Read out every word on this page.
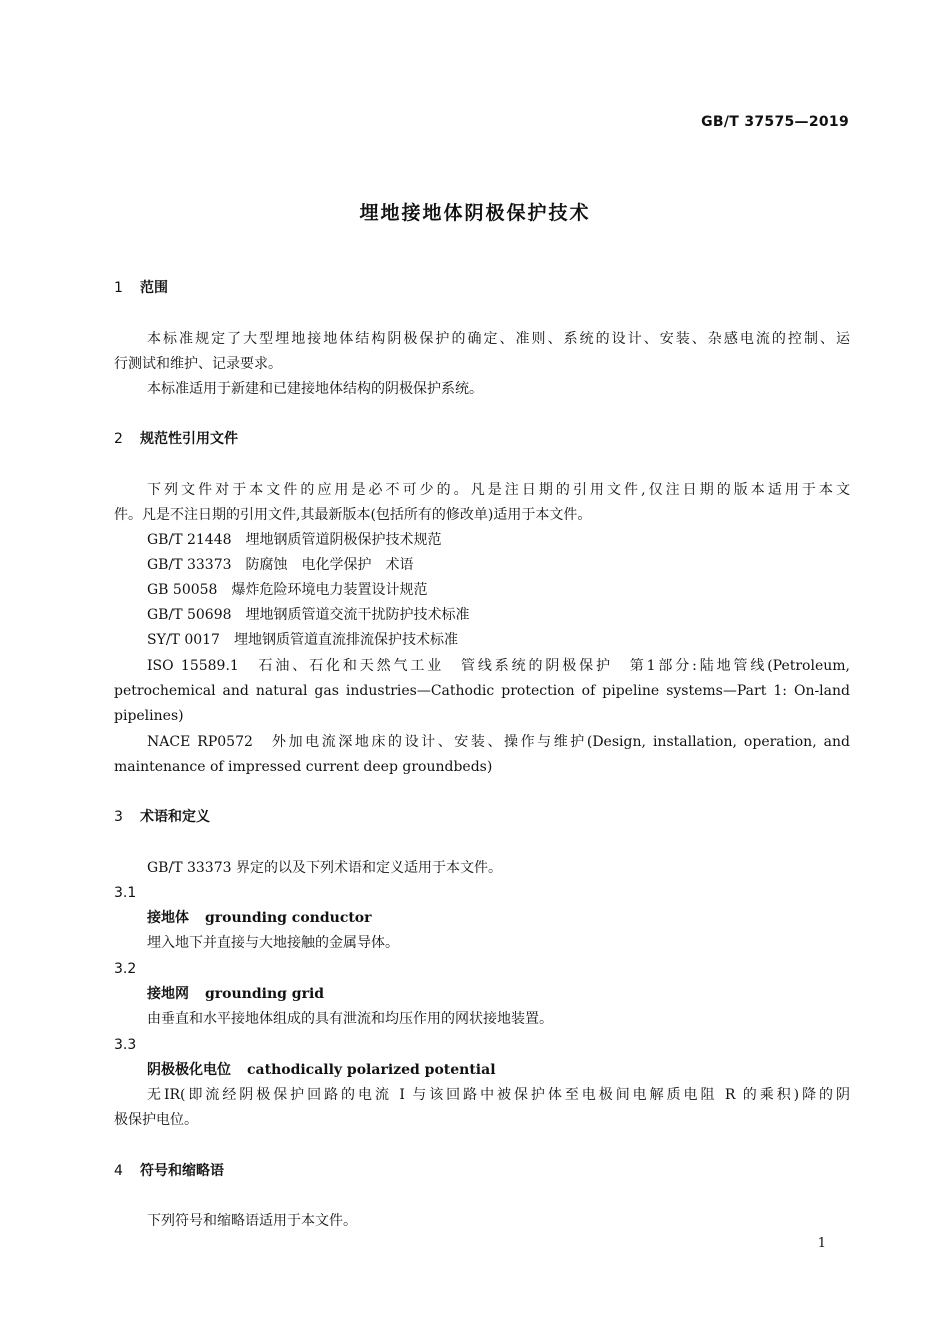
GB/T 37575—2019
埋地接地体阴极保护技术
1 范围
本标准规定了大型埋地接地体结构阴极保护的确定、准则、系统的设计、安装、杂感电流的控制、运
行测试和维护、记录要求。
本标准适用于新建和已建接地体结构的阴极保护系统。
2 规范性引用文件
下列文件对于本文件的应用是必不可少的。凡是注日期的引用文件,仅注日期的版本适用于本文
件。凡是不注日期的引用文件,其最新版本(包括所有的修改单)适用于本文件。
GB/T 21448 埋地钢质管道阴极保护技术规范
GB/T 33373 防腐蚀　电化学保护　术语
GB 50058 爆炸危险环境电力装置设计规范
GB/T 50698 埋地钢质管道交流干扰防护技术标准
SY/T 0017 埋地钢质管道直流排流保护技术标准
ISO 15589.1　石油、石化和天然气工业　管线系统的阴极保护　第1部分:陆地管线(Petroleum,
petrochemical and natural gas industries—Cathodic protection of pipeline systems—Part 1: On-land
pipelines)
NACE RP0572　外加电流深地床的设计、安装、操作与维护(Design, installation, operation, and
maintenance of impressed current deep groundbeds)
3 术语和定义
GB/T 33373 界定的以及下列术语和定义适用于本文件。
3.1
接地体 grounding conductor
埋入地下并直接与大地接触的金属导体。
3.2
接地网 grounding grid
由垂直和水平接地体组成的具有泄流和均压作用的网状接地装置。
3.3
阴极极化电位 cathodically polarized potential
无IR(即流经阴极保护回路的电流 I 与该回路中被保护体至电极间电解质电阻 R 的乘积)降的阴
极保护电位。
4 符号和缩略语
下列符号和缩略语适用于本文件。
1
